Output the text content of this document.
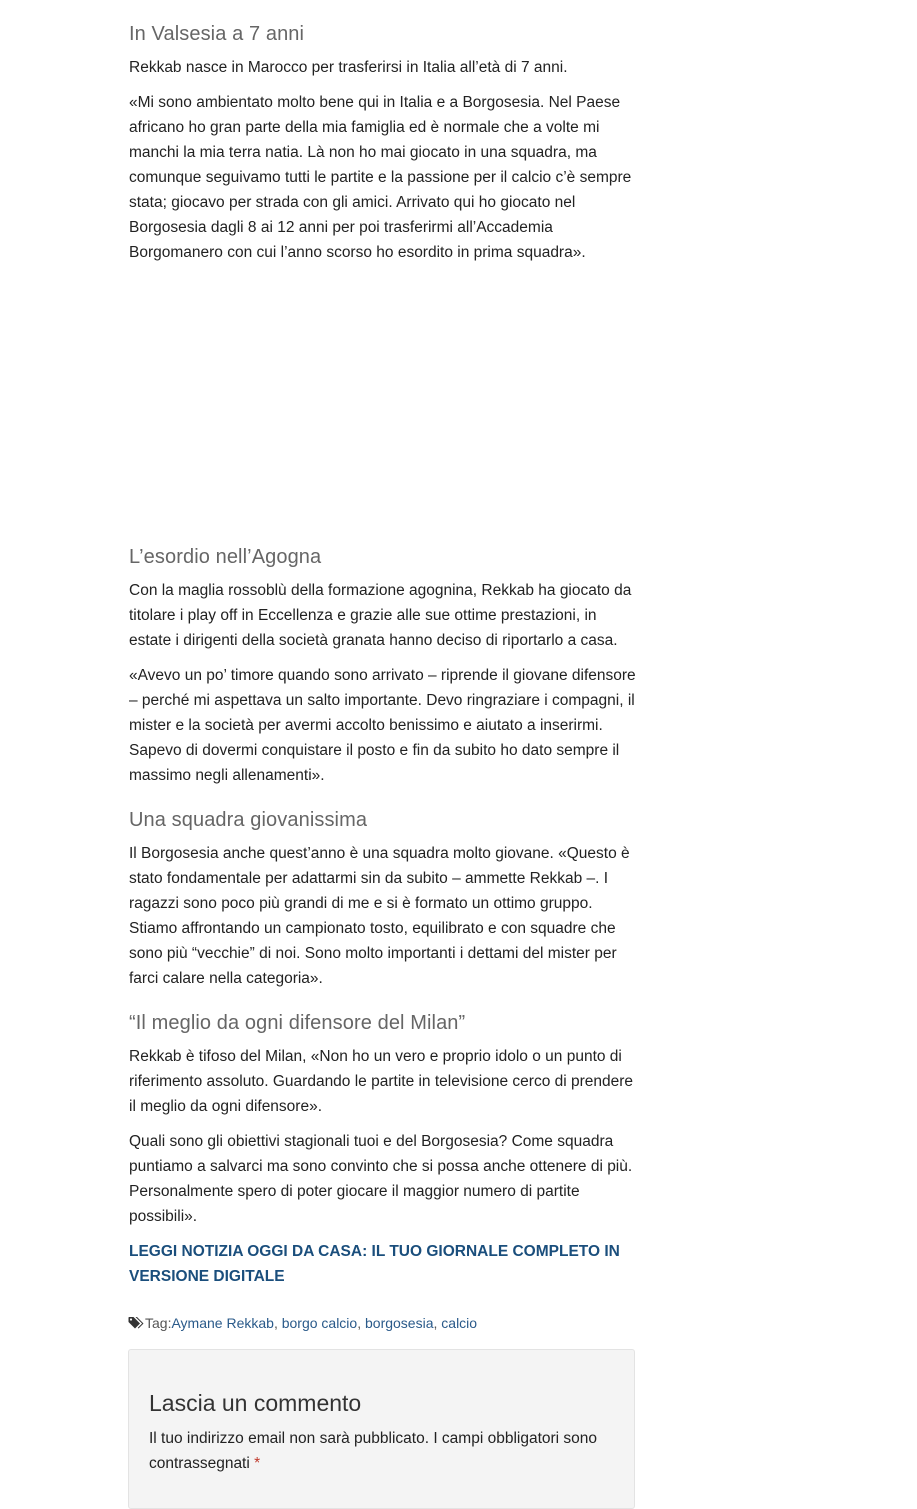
In Valsesia a 7 anni

Rekkab nasce in Marocco per trasferirsi in Italia all’età di 7 anni.

«Mi sono ambientato molto bene qui in Italia e a Borgosesia. Nel Paese africano ho gran parte della mia famiglia ed è normale che a volte mi manchi la mia terra natia. Là non ho mai giocato in una squadra, ma comunque seguivamo tutti le partite e la passione per il calcio c’è sempre stata; giocavo per strada con gli amici. Arrivato qui ho giocato nel Borgosesia dagli 8 ai 12 anni per poi trasferirmi all’Accademia Borgomanero con cui l’anno scorso ho esordito in prima squadra».

L’esordio nell’Agogna

Con la maglia rossoblù della formazione agognina, Rekkab ha giocato da titolare i play off in Eccellenza e grazie alle sue ottime prestazioni, in estate i dirigenti della società granata hanno deciso di riportarlo a casa.

«Avevo un po’ timore quando sono arrivato – riprende il giovane difensore – perché mi aspettava un salto importante. Devo ringraziare i compagni, il mister e la società per avermi accolto benissimo e aiutato a inserirmi. Sapevo di dovermi conquistare il posto e fin da subito ho dato sempre il massimo negli allenamenti».

Una squadra giovanissima

Il Borgosesia anche quest’anno è una squadra molto giovane. «Questo è stato fondamentale per adattarmi sin da subito – ammette Rekkab –. I ragazzi sono poco più grandi di me e si è formato un ottimo gruppo. Stiamo affrontando un campionato tosto, equilibrato e con squadre che sono più “vecchie” di noi. Sono molto importanti i dettami del mister per farci calare nella categoria».

“Il meglio da ogni difensore del Milan”

Rekkab è tifoso del Milan, «Non ho un vero e proprio idolo o un punto di riferimento assoluto. Guardando le partite in televisione cerco di prendere il meglio da ogni difensore».

Quali sono gli obiettivi stagionali tuoi e del Borgosesia? Come squadra puntiamo a salvarci ma sono convinto che si possa anche ottenere di più. Personalmente spero di poter giocare il maggior numero di partite possibili».

LEGGI NOTIZIA OGGI DA CASA: IL TUO GIORNALE COMPLETO IN VERSIONE DIGITALE
Tag:Aymane Rekkab, borgo calcio, borgosesia, calcio
Lascia un commento

Il tuo indirizzo email non sarà pubblicato. I campi obbligatori sono contrassegnati *
